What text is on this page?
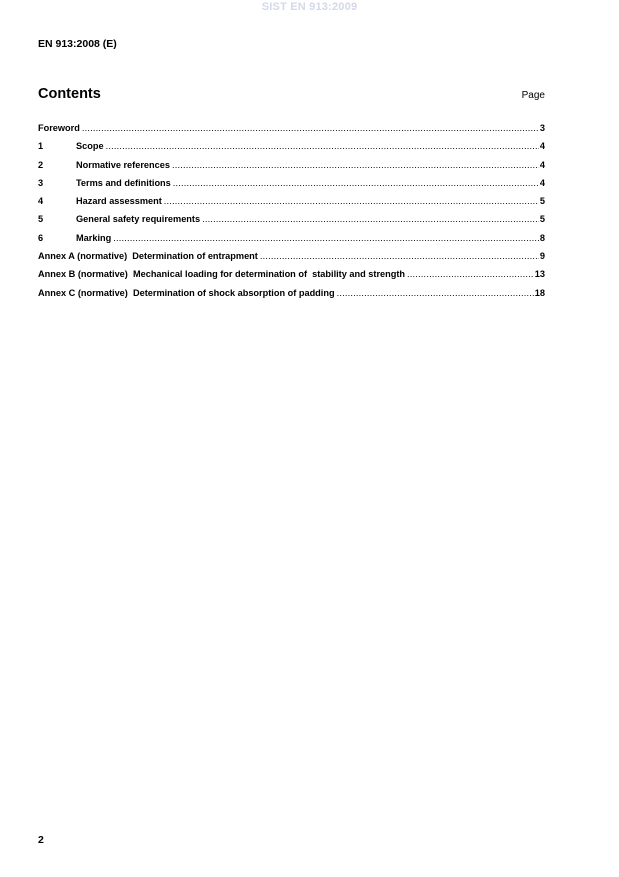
SIST EN 913:2009
EN 913:2008 (E)
Contents	Page
Foreword .....	3
1	Scope .....	4
2	Normative references .....	4
3	Terms and definitions .....	4
4	Hazard assessment .....	5
5	General safety requirements .....	5
6	Marking .....	8
Annex A (normative)  Determination of entrapment .....	9
Annex B (normative)  Mechanical loading for determination of  stability and strength .....	13
Annex C (normative)  Determination of shock absorption of padding .....	18
2
